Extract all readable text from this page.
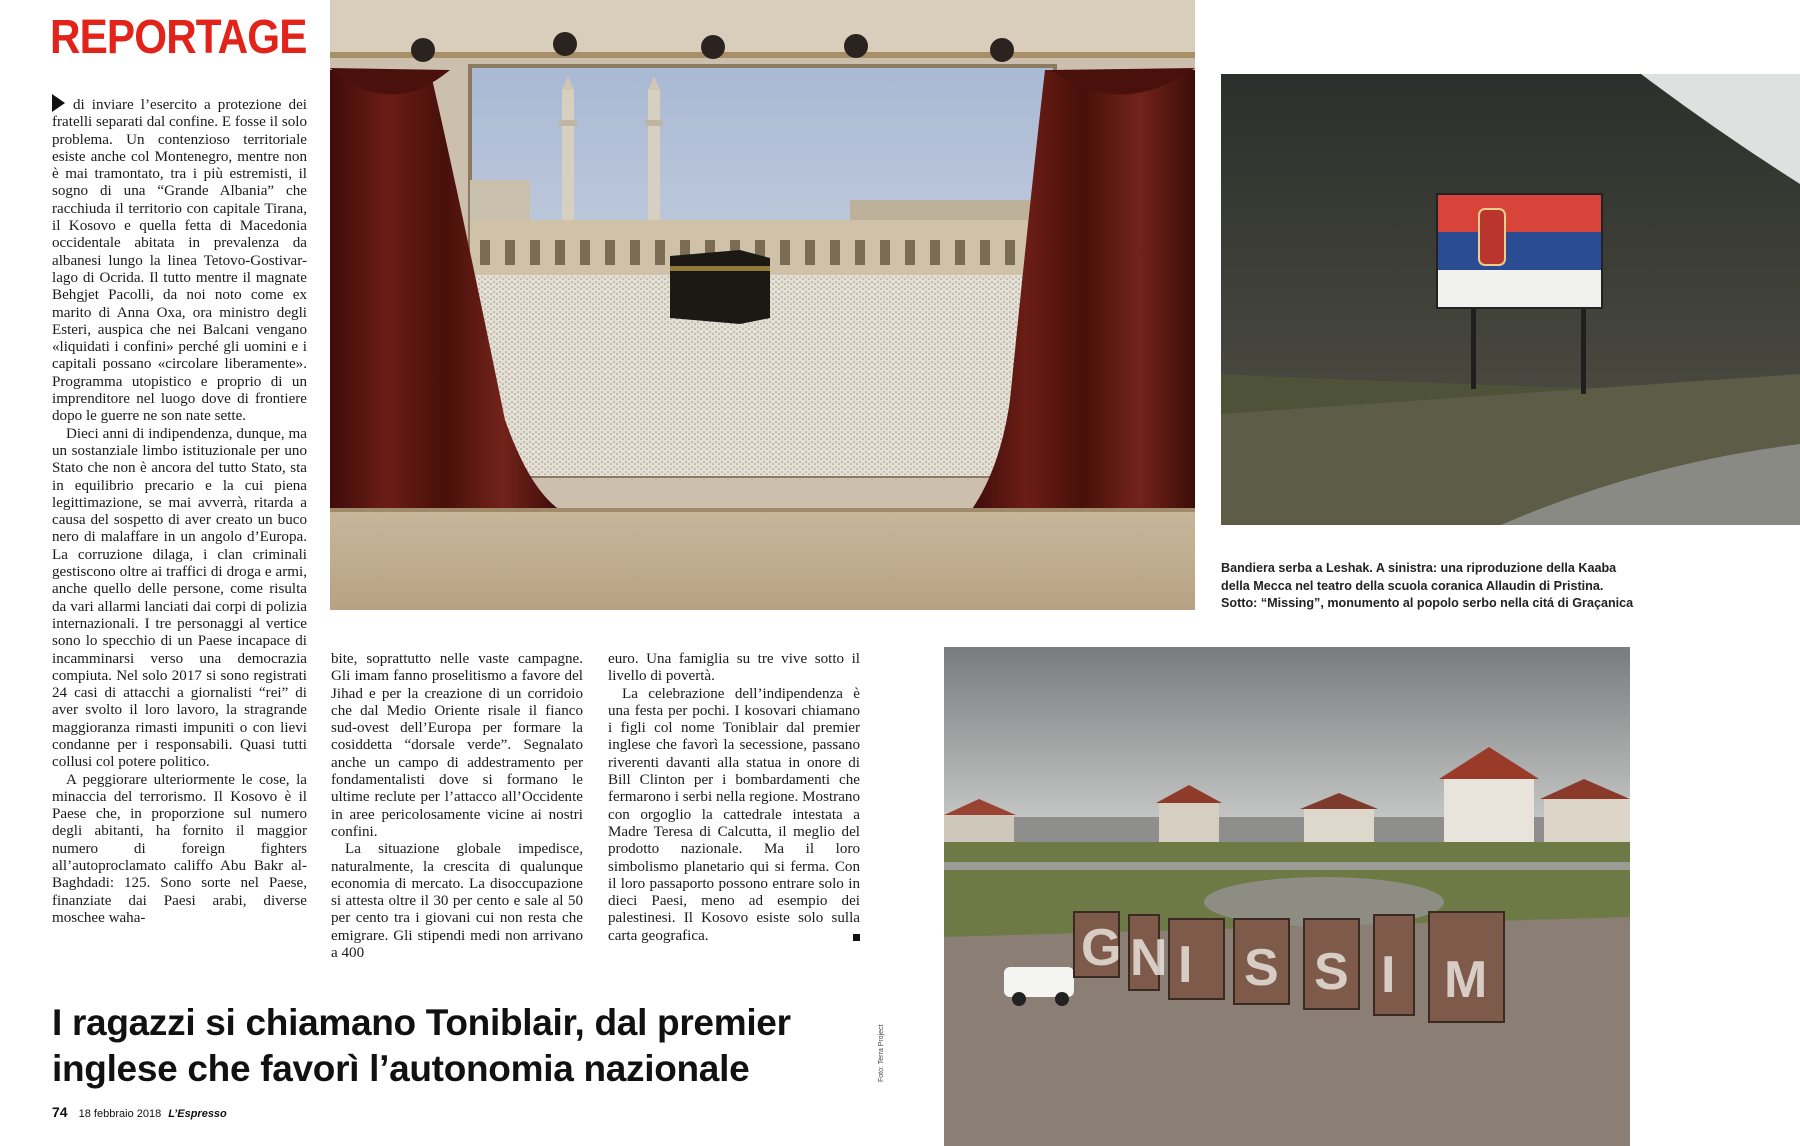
REPORTAGE
Bandiera serba a Leshak. A sinistra: una riproduzione della Kaaba della Mecca nel teatro della scuola coranica Allaudin di Pristina. Sotto: “Missing”, monumento al popolo serbo nella citá di Graçanica

di inviare l’esercito a protezione dei fratelli separati dal confine. E fosse il solo problema. Un contenzioso territoriale esiste anche col Montenegro, mentre non è mai tramontato, tra i più estremisti, il sogno di una “Grande Albania” che racchiuda il territorio con capitale Tirana, il Kosovo e quella fetta di Macedonia occidentale abitata in prevalenza da albanesi lungo la linea Tetovo-Gostivar-lago di Ocrida. Il tutto mentre il magnate Behgjet Pacolli, da noi noto come ex marito di Anna Oxa, ora ministro degli Esteri, auspica che nei Balcani vengano «liquidati i confini» perché gli uomini e i capitali possano «circolare liberamente». Programma utopistico e proprio di un imprenditore nel luogo dove di frontiere dopo le guerre ne son nate sette.

Dieci anni di indipendenza, dunque, ma un sostanziale limbo istituzionale per uno Stato che non è ancora del tutto Stato, sta in equilibrio precario e la cui piena legittimazione, se mai avverrà, ritarda a causa del sospetto di aver creato un buco nero di malaffare in un angolo d’Europa. La corruzione dilaga, i clan criminali gestiscono oltre ai traffici di droga e armi, anche quello delle persone, come risulta da vari allarmi lanciati dai corpi di polizia internazionali. I tre personaggi al vertice sono lo specchio di un Paese incapace di incamminarsi verso una democrazia compiuta. Nel solo 2017 si sono registrati 24 casi di attacchi a giornalisti “rei” di aver svolto il loro lavoro, la stragrande maggioranza rimasti impuniti o con lievi condanne per i responsabili. Quasi tutti collusi col potere politico.

A peggiorare ulteriormente le cose, la minaccia del terrorismo. Il Kosovo è il Paese che, in proporzione sul numero degli abitanti, ha fornito il maggior numero di foreign fighters all’autoproclamato califfo Abu Bakr al-Baghdadi: 125. Sono sorte nel Paese, finanziate dai Paesi arabi, diverse moschee waha-

bite, soprattutto nelle vaste campagne. Gli imam fanno proselitismo a favore del Jihad e per la creazione di un corridoio che dal Medio Oriente risale il fianco sud-ovest dell’Europa per formare la cosiddetta “dorsale verde”. Segnalato anche un campo di addestramento per fondamentalisti dove si formano le ultime reclute per l’attacco all’Occidente in aree pericolosamente vicine ai nostri confini.

La situazione globale impedisce, naturalmente, la crescita di qualunque economia di mercato. La disoccupazione si attesta oltre il 30 per cento e sale al 50 per cento tra i giovani cui non resta che emigrare. Gli stipendi medi non arrivano a 400

euro. Una famiglia su tre vive sotto il livello di povertà.

La celebrazione dell’indipendenza è una festa per pochi. I kosovari chiamano i figli col nome Toniblair dal premier inglese che favorì la secessione, passano riverenti davanti alla statua in onore di Bill Clinton per i bombardamenti che fermarono i serbi nella regione. Mostrano con orgoglio la cattedrale intestata a Madre Teresa di Calcutta, il meglio del prodotto nazionale. Ma il loro simbolismo planetario qui si ferma. Con il loro passaporto possono entrare solo in dieci Paesi, meno ad esempio dei palestinesi. Il Kosovo esiste solo sulla carta geografica.	G N I S S I M
I ragazzi si chiamano Toniblair, dal premier inglese che favorì l’autonomia nazionale	Foto: Terra Project
74 18 febbraio 2018 L’Espresso
